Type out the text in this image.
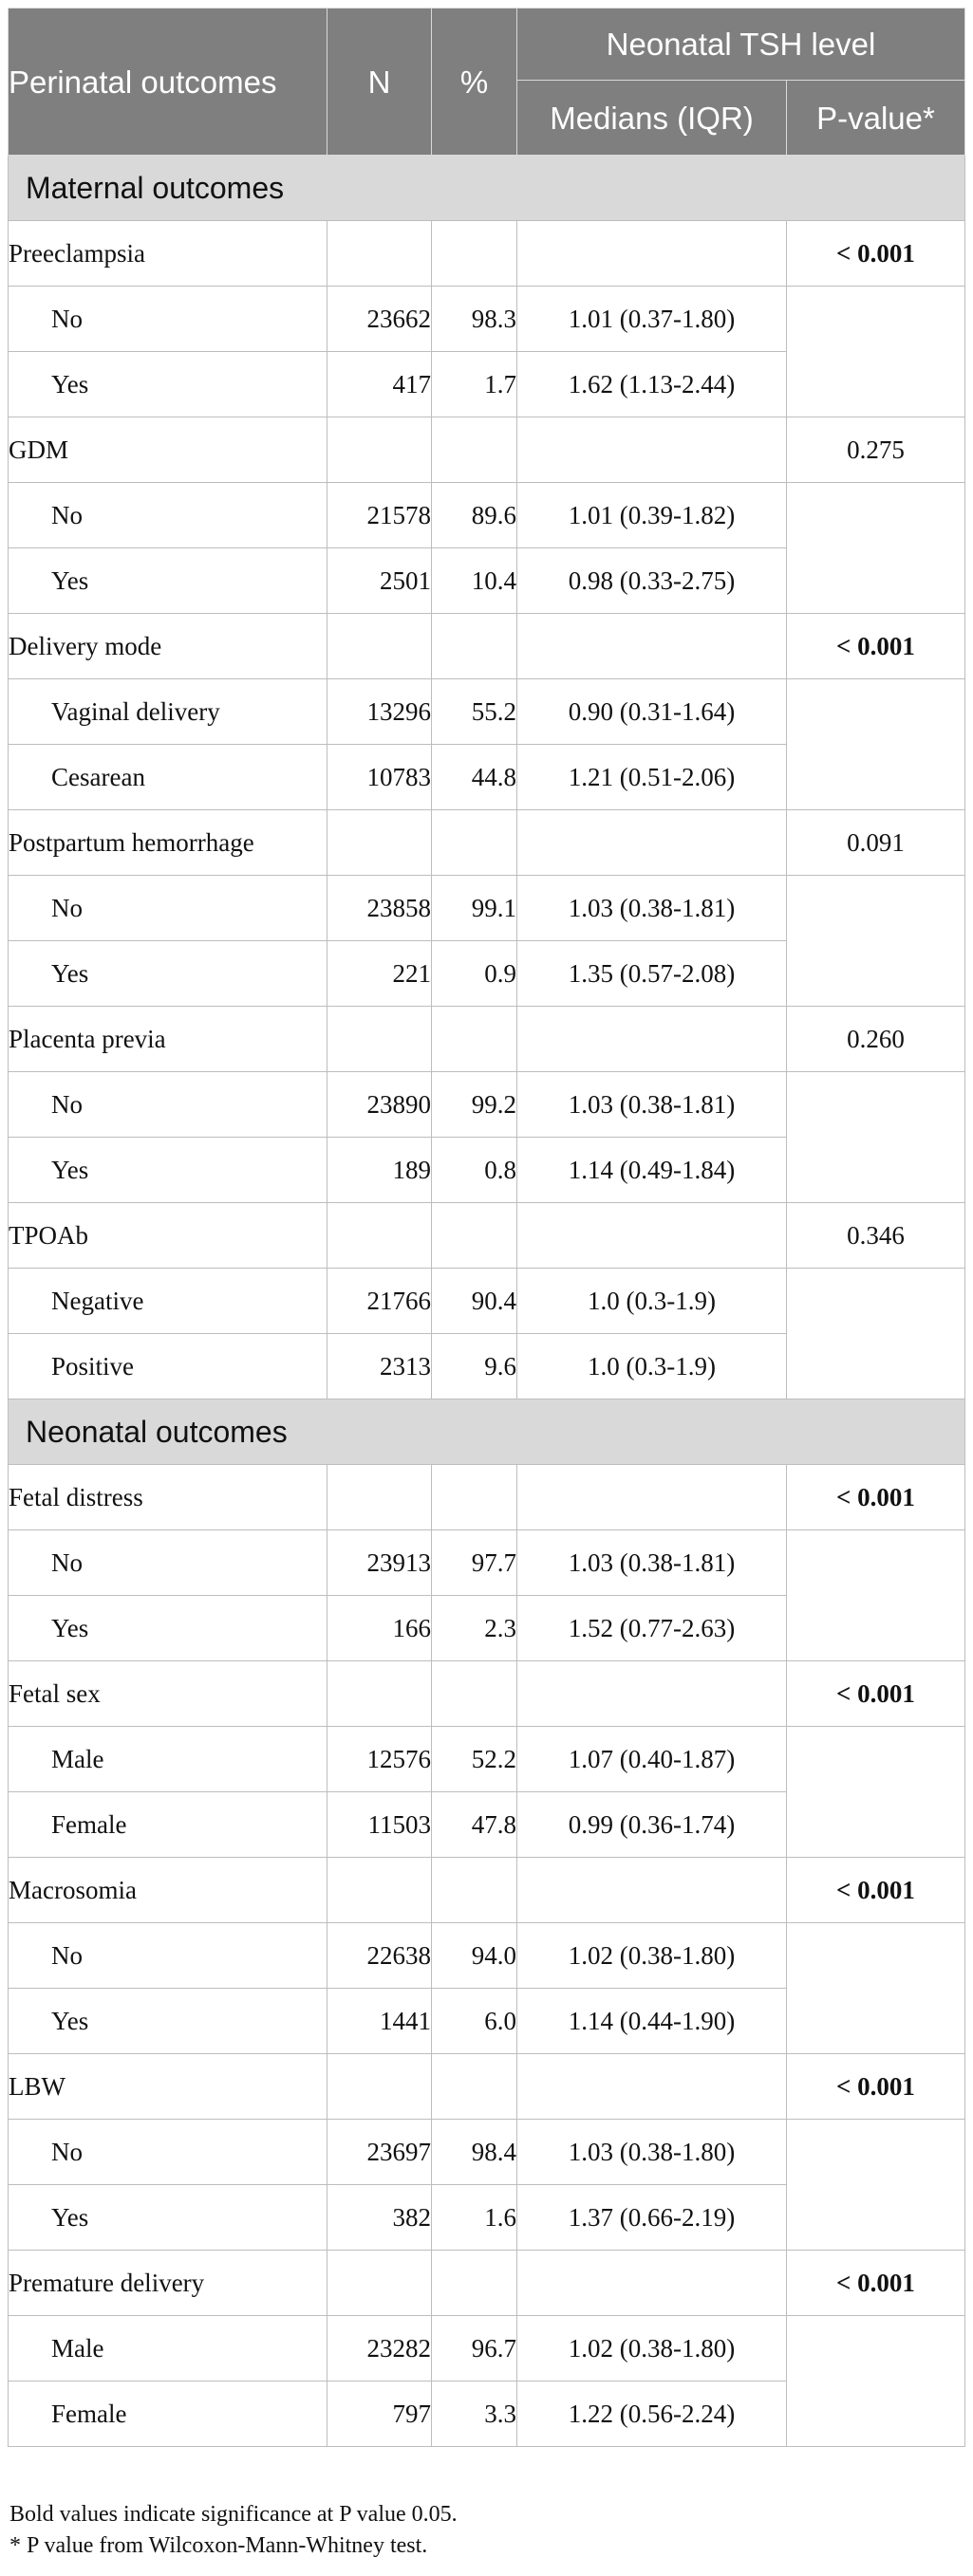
Perinatal outcomes	N	%	Neonatal TSH level	
			Medians (IQR)	P-value*
Maternal outcomes				
Preeclampsia				< 0.001
No	23662	98.3	1.01 (0.37-1.80)	
Yes	417	1.7	1.62 (1.13-2.44)	
GDM				0.275
No	21578	89.6	1.01 (0.39-1.82)	
Yes	2501	10.4	0.98 (0.33-2.75)	
Delivery mode				< 0.001
Vaginal delivery	13296	55.2	0.90 (0.31-1.64)	
Cesarean	10783	44.8	1.21 (0.51-2.06)	
Postpartum hemorrhage				0.091
No	23858	99.1	1.03 (0.38-1.81)	
Yes	221	0.9	1.35 (0.57-2.08)	
Placenta previa				0.260
No	23890	99.2	1.03 (0.38-1.81)	
Yes	189	0.8	1.14 (0.49-1.84)	
TPOAb				0.346
Negative	21766	90.4	1.0 (0.3-1.9)	
Positive	2313	9.6	1.0 (0.3-1.9)	
Neonatal outcomes				
Fetal distress				< 0.001
No	23913	97.7	1.03 (0.38-1.81)	
Yes	166	2.3	1.52 (0.77-2.63)	
Fetal sex				< 0.001
Male	12576	52.2	1.07 (0.40-1.87)	
Female	11503	47.8	0.99 (0.36-1.74)	
Macrosomia				< 0.001
No	22638	94.0	1.02 (0.38-1.80)	
Yes	1441	6.0	1.14 (0.44-1.90)	
LBW				< 0.001
No	23697	98.4	1.03 (0.38-1.80)	
Yes	382	1.6	1.37 (0.66-2.19)	
Premature delivery				< 0.001
Male	23282	96.7	1.02 (0.38-1.80)	
Female	797	3.3	1.22 (0.56-2.24)	
Bold values indicate significance at P value 0.05.
* P value from Wilcoxon-Mann-Whitney test.
